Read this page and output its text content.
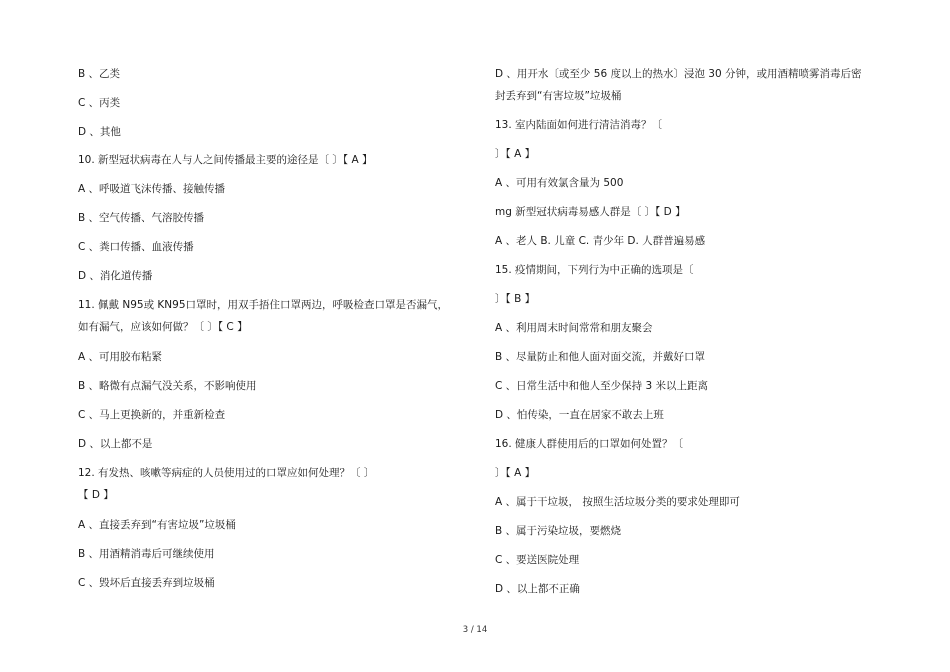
B 、乙类
C 、丙类
D 、其他
10. 新型冠状病毒在人与人之间传播最主要的途径是〔 〕【 A 】
A 、呼吸道飞沫传播、接触传播
B 、空气传播、气溶胶传播
C 、粪口传播、血液传播
D 、消化道传播
11. 佩戴 N95或 KN95口罩时，用双手捂住口罩两边，呼吸检查口罩是否漏气，
如有漏气，应该如何做？〔 〕【 C 】
A 、可用胶布粘紧
B 、略微有点漏气没关系，不影响使用
C 、马上更换新的，并重新检查
D 、以上都不是
12. 有发热、咳嗽等病症的人员使用过的口罩应如何处理？〔 〕
【 D 】
A 、直接丢弃到“有害垃圾”垃圾桶
B 、用酒精消毒后可继续使用
C 、毁坏后直接丢弃到垃圾桶
D 、用开水〔或至少 56 度以上的热水〕浸泡 30 分钟，或用酒精喷雾消毒后密
封丢弃到“有害垃圾”垃圾桶
13. 室内陆面如何进行清洁消毒？〔
〕【 A 】
A 、可用有效氯含量为 500
mg 新型冠状病毒易感人群是〔 〕【 D 】
A 、老人 B. 儿童 C. 青少年 D. 人群普遍易感
15. 疫情期间，下列行为中正确的选项是〔
〕【 B 】
A 、利用周末时间常常和朋友聚会
B 、尽量防止和他人面对面交流，并戴好口罩
C 、日常生活中和他人至少保持 3 米以上距离
D 、怕传染，一直在居家不敢去上班
16. 健康人群使用后的口罩如何处置？〔
〕【 A 】
A 、属于干垃圾， 按照生活垃圾分类的要求处理即可
B 、属于污染垃圾，要燃烧
C 、要送医院处理
D 、以上都不正确
3 / 14
